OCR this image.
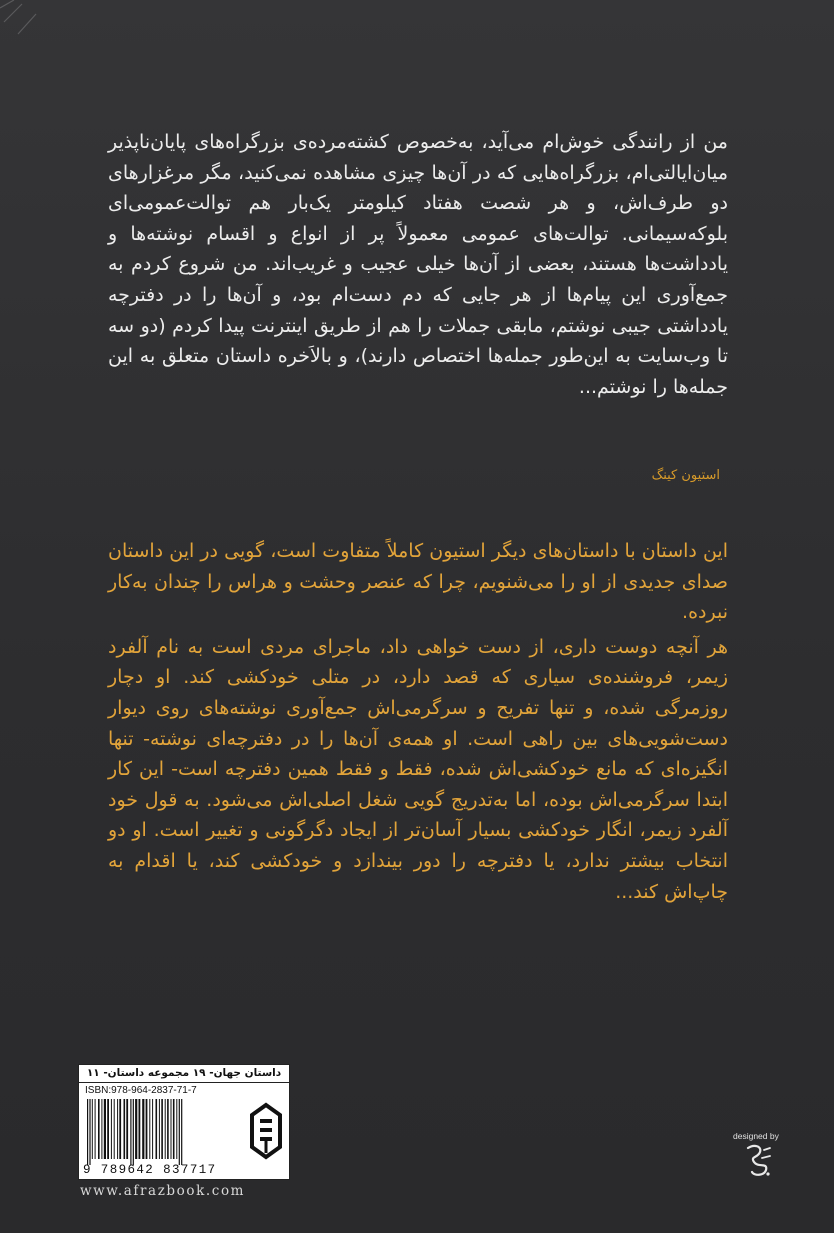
من از رانندگی خوش‌ام می‌آید، به‌خصوص کشته‌مرده‌ی بزرگراه‌های پایان‌ناپذیر میان‌ایالتی‌ام، بزرگراه‌هایی که در آن‌ها چیزی مشاهده نمی‌کنید، مگر مرغزارهای دو طرف‌اش، و هر شصت هفتاد کیلومتر یک‌بار هم توالت‌عمومی‌ای بلوکه‌سیمانی. توالت‌های عمومی معمولاً پر از انواع و اقسام نوشته‌ها و یادداشت‌ها هستند، بعضی از آن‌ها خیلی عجیب و غریب‌اند. من شروع کردم به جمع‌آوری این پیام‌ها از هر جایی که دم دست‌ام بود، و آن‌ها را در دفترچه یادداشتی جیبی نوشتم، مابقی جملات را هم از طریق اینترنت پیدا کردم (دو سه تا وب‌سایت به این‌طور جمله‌ها اختصاص دارند)، و بالاَخره داستان متعلق به این جمله‌ها را نوشتم...

استیون کینگ

این داستان با داستان‌های دیگر استیون کاملاً متفاوت است، گویی در این داستان صدای جدیدی از او را می‌شنویم، چرا که عنصر وحشت و هراس را چندان به‌کار نبرده.

هر آنچه دوست داری، از دست خواهی داد، ماجرای مردی است به نام آلفرد زیمر، فروشنده‌ی سیاری که قصد دارد، در متلی خودکشی کند. او دچار روزمرگی شده، و تنها تفریح و سرگرمی‌اش جمع‌آوری نوشته‌های روی دیوار دست‌شویی‌های بین راهی است. او همه‌ی آن‌ها را در دفترچه‌ای نوشته- تنها انگیزه‌ای که مانع خودکشی‌اش شده، فقط و فقط همین دفترچه است- این کار ابتدا سرگرمی‌اش بوده، اما به‌تدریج گویی شغل اصلی‌اش می‌شود. به قول خود آلفرد زیمر، انگار خودکشی بسیار آسان‌تر از ایجاد دگرگونی و تغییر است. او دو انتخاب بیشتر ندارد، یا دفترچه را دور بیندازد و خودکشی کند، یا اقدام به چاپ‌اش کند...

داستان جهان- ۱۹ مجموعه داستان- ۱۱
ISBN:978-964-2837-71-7
9 789642 837717
www.afrazbook.com
designed by
